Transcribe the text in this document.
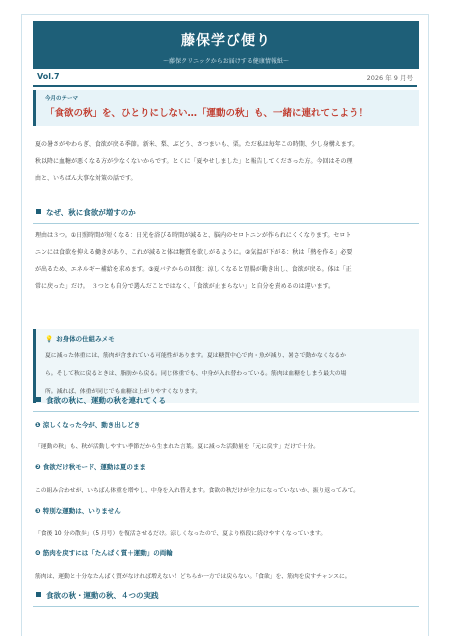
藤保学び便り
〜藤保クリニックからお届けする健康情報紙〜
Vol.7	2026 年 9 月号
今月のテーマ
「食欲の秋」を、ひとりにしない…「運動の秋」も、一緒に連れてこよう！
夏の暑さがやわらぎ、食欲が戻る季節。新米、梨、ぶどう、さつまいも、栗。ただ私は毎年この時期、少し身構えます。
秋以降に血糖が悪くなる方が少なくないからです。とくに「夏やせしました」と報告してくださった方。今回はその理
由と、いちばん大事な対策の話です。
なぜ、秋に食欲が増すのか
理由は３つ。①日照時間が短くなる：日光を浴びる時間が減ると、脳内のセロトニンが作られにくくなります。セロト
ニンには食欲を抑える働きがあり、これが減ると体は糖質を欲しがるように。②気温が下がる：秋は「熱を作る」必要
が出るため、エネルギー補給を求めます。③夏バテからの回復：涼しくなると胃腸が動き出し、食欲が戻る。体は「正
常に戻った」だけ。　３つとも自分で選んだことではなく、「食欲が止まらない」と自分を責めるのは違います。
💡 お身体の仕組みメモ
夏に減った体重には、筋肉が含まれている可能性があります。夏は糖質中心で肉・魚が減り、暑さで動かなくなるか
ら。そして秋に戻るときは、脂肪から戻る。同じ体重でも、中身が入れ替わっている。筋肉は血糖をしまう最大の場
所。減れば、体重が同じでも血糖は上がりやすくなります。
食欲の秋に、運動の秋を連れてくる
❶ 涼しくなった今が、動き出しどき
「運動の秋」も、秋が活動しやすい季節だから生まれた言葉。夏に減った活動量を「元に戻す」だけで十分。
❷ 食欲だけ秋モード、運動は夏のまま
この組み合わせが、いちばん体重を増やし、中身を入れ替えます。食欲の秋だけが全力になっていないか、振り返ってみて。
❸ 特別な運動は、いりません
「食後 10 分の散歩」（5 月号）を復活させるだけ。涼しくなったので、夏より格段に続けやすくなっています。
❹ 筋肉を戻すには「たんぱく質＋運動」の両輪
筋肉は、運動と十分なたんぱく質がなければ増えない！どちらか一方では戻らない。「食欲」を、筋肉を戻すチャンスに。
食欲の秋・運動の秋、４つの実践
